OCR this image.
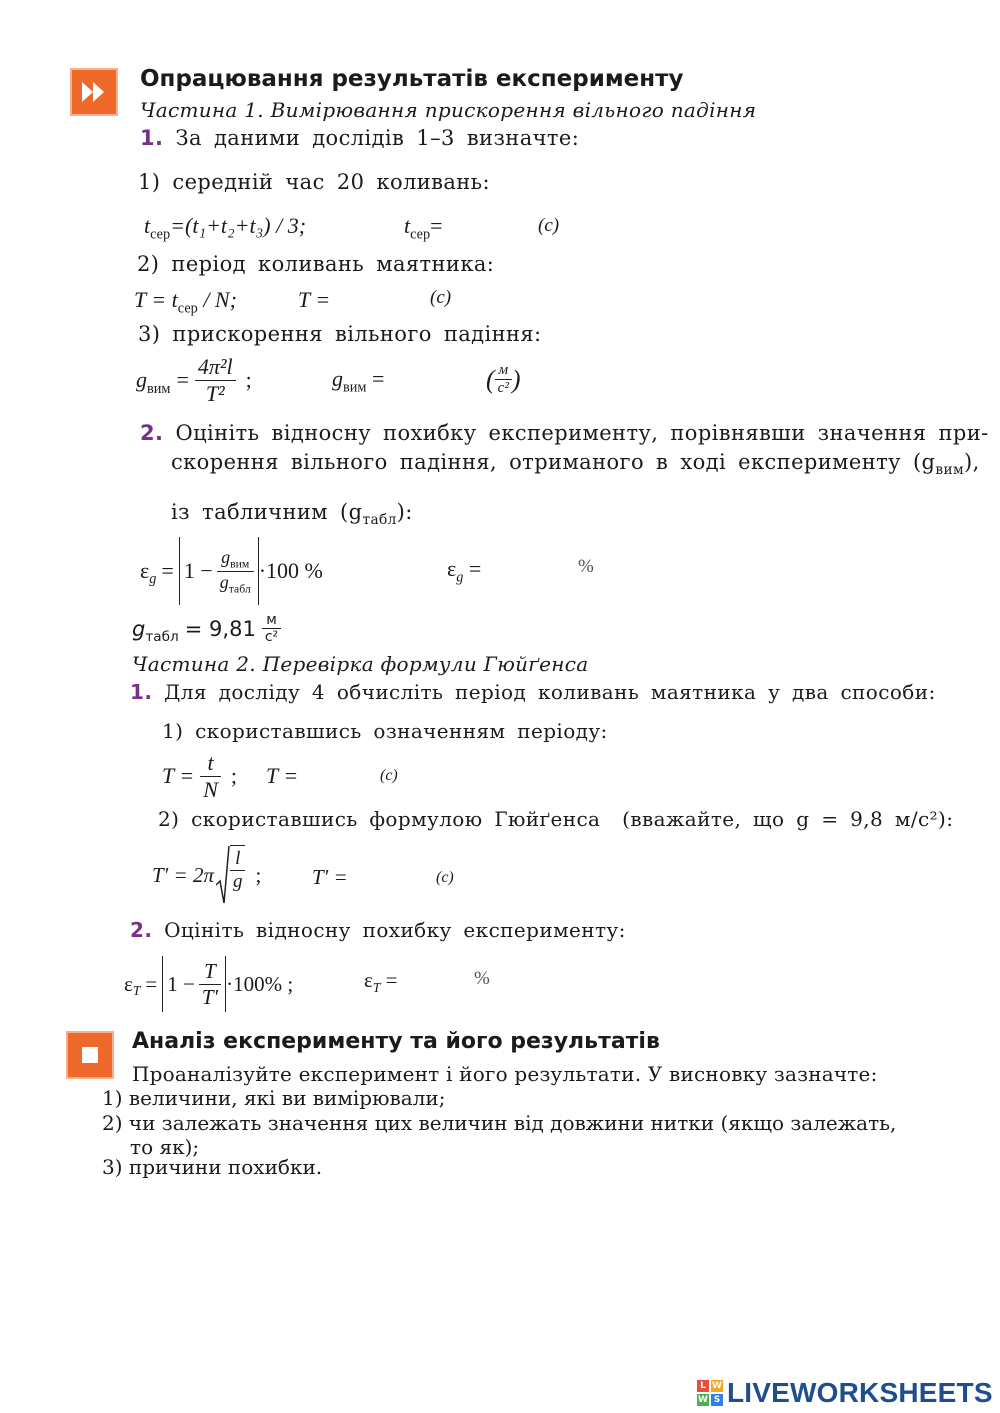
Опрацювання результатів експерименту
Частина 1. Вимірювання прискорення вільного падіння
1. За даними дослідів 1–3 визначте:
1) середній час 20 коливань:
$t_{сер}=(t_1+t_2+t_3) / 3$;	$t_{сер}=$	(с)
2) період коливань маятника:
$T = t_{сер} / N$;	T =	(с)
3) прискорення вільного падіння:
$g_{вим} = \frac{\text{4π²l}}{\text{T²}}$ ;	$g_{вим}$ =	( $\frac{м}{\text{с²}}$ )
2. Оцініть відносну похибку експерименту, порівнявши значення при-
скорення вільного падіння, отриманого в ході експерименту $(g_{вим})$,
із табличним $(g_{табл})$:
$\varepsilon_g = 1 - \frac{g_{вим}}{g_{табл}} \cdot 100$ %	$\varepsilon_g$ =	%
$g_{табл} = 9,81 \frac{м}{\text{с²}}$
Частина 2. Перевірка формули Гюйґенса
1. Для досліду 4 обчисліть період коливань маятника у два способи:
1) скориставшись означенням періоду:
$T = \frac{t}{N}$ ; T =	(с)
2) скориставшись формулою Гюйґенса (вважайте, що g = 9,8 м/с²):
$T' = 2\pi \frac{l}{g}$ ; T′ =	(с)
2. Оцініть відносну похибку експерименту:
$\varepsilon_T = 1 - \frac{T}{T'} \cdot 100\%$ ;	$\varepsilon_T$ =	%
Аналіз експерименту та його результатів
Проаналізуйте експеримент і його результати. У висновку зазначте:
1) величини, які ви вимірювали;
2) чи залежать значення цих величин від довжини нитки (якщо залежать,
то як);
3) причини похибки.
L W
W S LIVEWORKSHEETS
